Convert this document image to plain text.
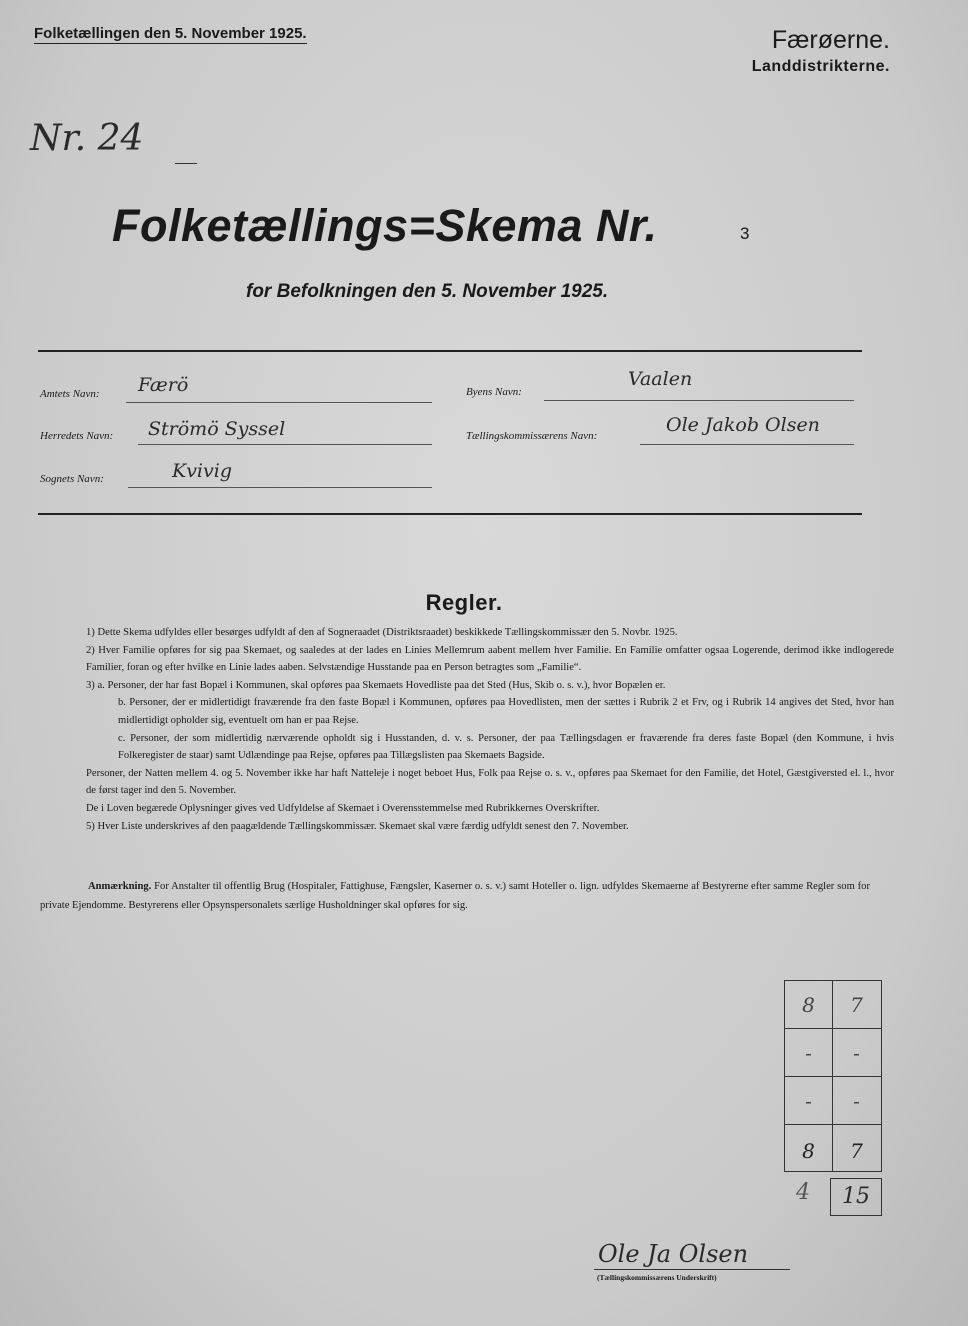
Folketællingen den 5. November 1925.	Færøerne.
Landdistrikterne.
Nr. 24
Folketællings=Skema Nr.	3
for Befolkningen den 5. November 1925.
Amtets Navn: Færö
Herredets Navn: Strömö Syssel
Sognets Navn:	Kvivig
Byens Navn:
Vaalen
Tællingskommissærens Navn:	Ole Jakob Olsen
Regler.

1) Dette Skema udfyldes eller besørges udfyldt af den af Sogneraadet (Distriktsraadet) beskikkede Tællingskommissær den 5. Novbr. 1925.

2) Hver Familie opføres for sig paa Skemaet, og saaledes at der lades en Linies Mellemrum aabent mellem hver Familie. En Familie omfatter ogsaa Logerende, derimod ikke indlogerede Familier, foran og efter hvilke en Linie lades aaben. Selvstændige Husstande paa en Person betragtes som „Familie“.

3) a. Personer, der har fast Bopæl i Kommunen, skal opføres paa Skemaets Hovedliste paa det Sted (Hus, Skib o. s. v.), hvor Bopælen er.

b. Personer, der er midlertidigt fraværende fra den faste Bopæl i Kommunen, opføres paa Hovedlisten, men der sættes i Rubrik 2 et Frv, og i Rubrik 14 angives det Sted, hvor han midlertidigt opholder sig, eventuelt om han er paa Rejse.

c. Personer, der som midlertidig nærværende opholdt sig i Husstanden, d. v. s. Personer, der paa Tællingsdagen er fraværende fra deres faste Bopæl (den Kommune, i hvis Folkeregister de staar) samt Udlændinge paa Rejse, opføres paa Tillægslisten paa Skemaets Bagside.

Personer, der Natten mellem 4. og 5. November ikke har haft Natteleje i noget beboet Hus, Folk paa Rejse o. s. v., opføres paa Skemaet for den Familie, det Hotel, Gæstgiversted el. l., hvor de først tager ind den 5. November.

De i Loven begærede Oplysninger gives ved Udfyldelse af Skemaet i Overensstemmelse med Rubrikkernes Overskrifter.

5) Hver Liste underskrives af den paagældende Tællingskommissær. Skemaet skal være færdig udfyldt senest den 7. November.

Anmærkning. For Anstalter til offentlig Brug (Hospitaler, Fattighuse, Fængsler, Kaserner o. s. v.) samt Hoteller o. lign. udfyldes Skemaerne af Bestyrerne efter samme Regler som for private Ejendomme. Bestyrerens eller Opsynspersonalets særlige Husholdninger skal opføres for sig.

8	7
-	-
-	-
8	7
4	15
Ole Ja Olsen
(Tællingskommissærens Underskrift)
